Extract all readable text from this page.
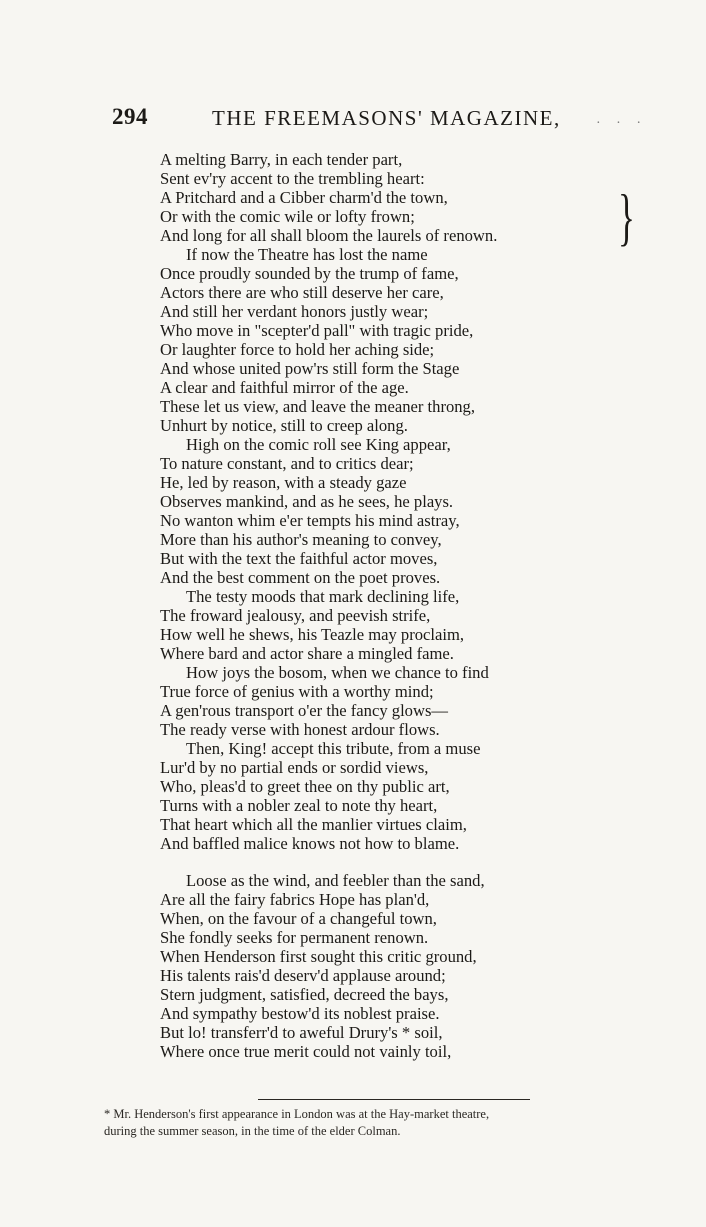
294	THE FREEMASONS' MAGAZINE,	· · ·
A melting Barry, in each tender part,
Sent ev'ry accent to the trembling heart:
A Pritchard and a Cibber charm'd the town,
Or with the comic wile or lofty frown;
And long for all shall bloom the laurels of renown.
If now the Theatre has lost the name
Once proudly sounded by the trump of fame,
Actors there are who still deserve her care,
And still her verdant honors justly wear;
Who move in "scepter'd pall" with tragic pride,
Or laughter force to hold her aching side;
And whose united pow'rs still form the Stage
A clear and faithful mirror of the age.
These let us view, and leave the meaner throng,
Unhurt by notice, still to creep along.
High on the comic roll see King appear,
To nature constant, and to critics dear;
He, led by reason, with a steady gaze
Observes mankind, and as he sees, he plays.
No wanton whim e'er tempts his mind astray,
More than his author's meaning to convey,
But with the text the faithful actor moves,
And the best comment on the poet proves.
The testy moods that mark declining life,
The froward jealousy, and peevish strife,
How well he shews, his Teazle may proclaim,
Where bard and actor share a mingled fame.
How joys the bosom, when we chance to find
True force of genius with a worthy mind;
A gen'rous transport o'er the fancy glows—
The ready verse with honest ardour flows.
Then, King! accept this tribute, from a muse
Lur'd by no partial ends or sordid views,
Who, pleas'd to greet thee on thy public art,
Turns with a nobler zeal to note thy heart,
That heart which all the manlier virtues claim,
And baffled malice knows not how to blame.
Loose as the wind, and feebler than the sand,
Are all the fairy fabrics Hope has plan'd,
When, on the favour of a changeful town,
She fondly seeks for permanent renown.
When Henderson first sought this critic ground,
His talents rais'd deserv'd applause around;
Stern judgment, satisfied, decreed the bays,
And sympathy bestow'd its noblest praise.
But lo! transferr'd to aweful Drury's * soil,
Where once true merit could not vainly toil,
}
* Mr. Henderson's first appearance in London was at the Hay-market theatre,
during the summer season, in the time of the elder Colman.
